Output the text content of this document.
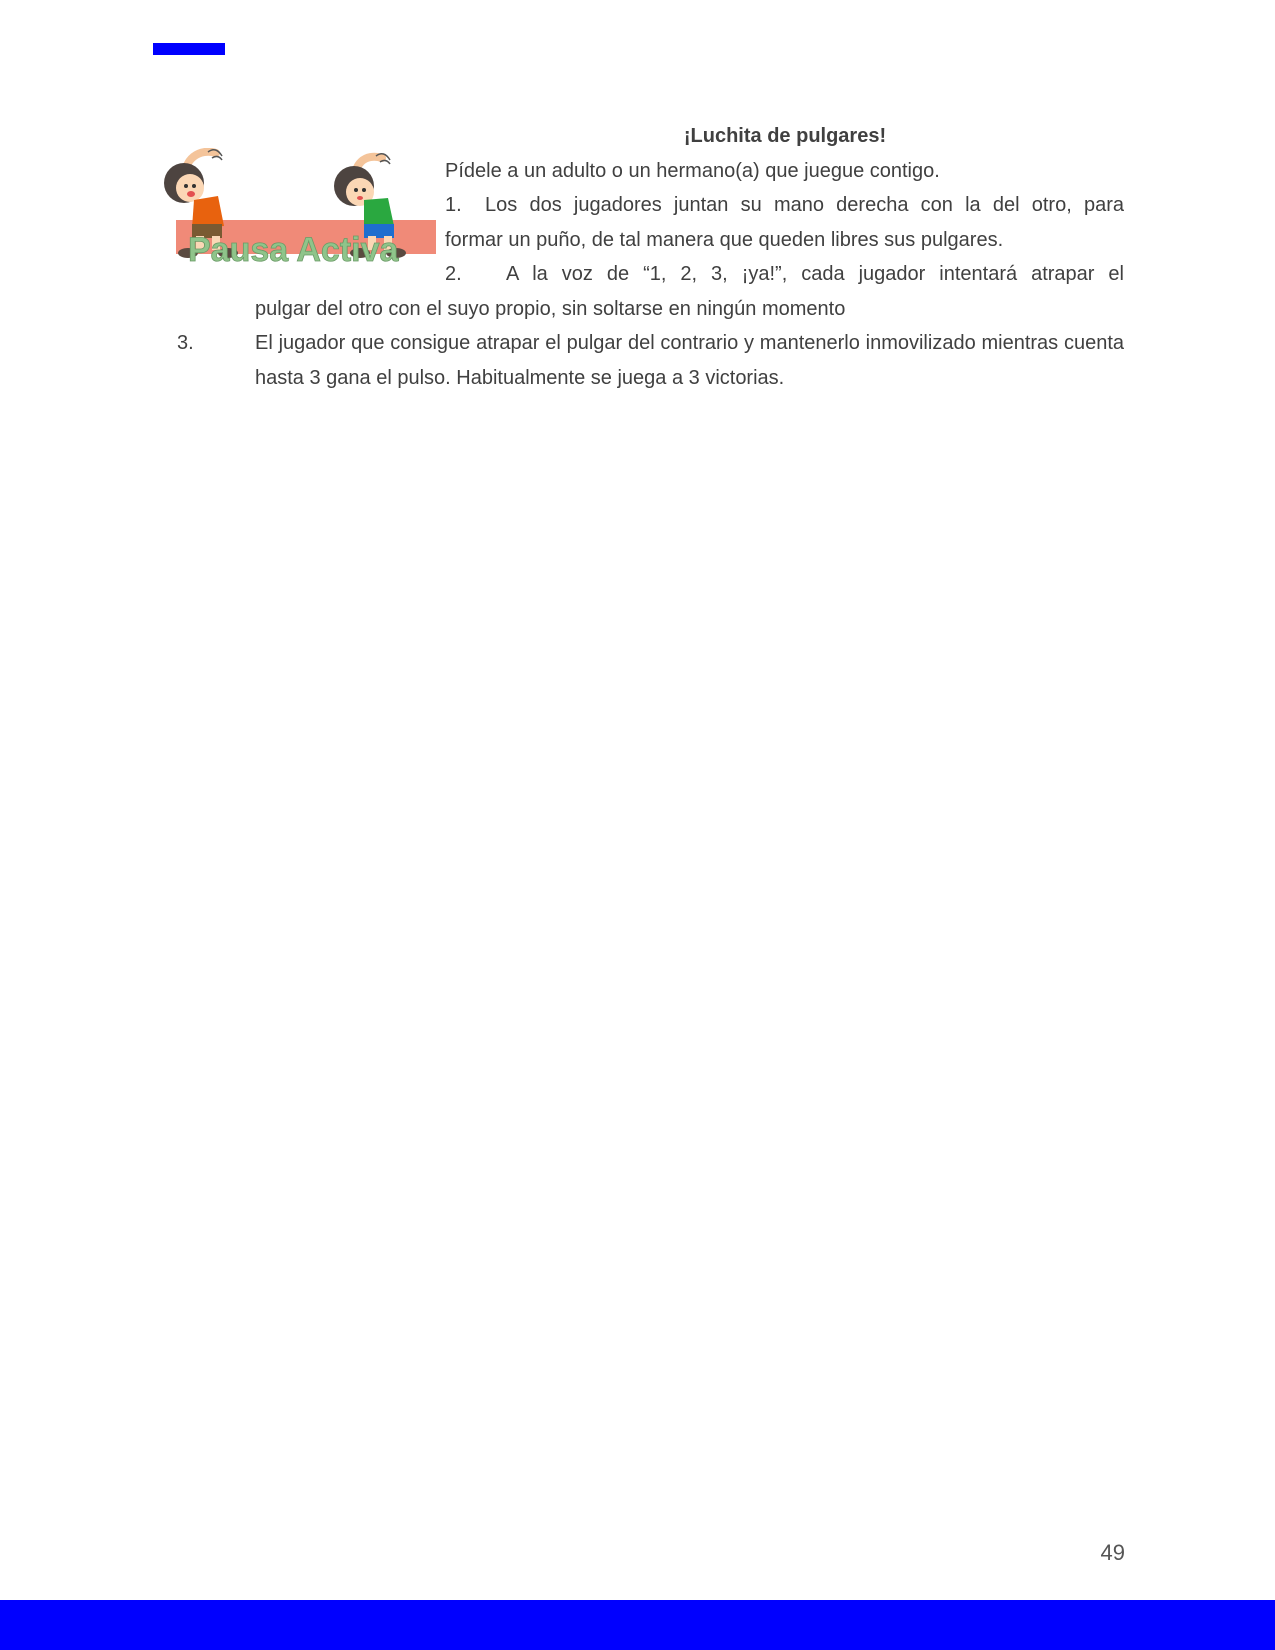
Pausa Activa

¡Luchita de pulgares!

Pídele a un adulto o un hermano(a) que juegue contigo.

1. Los dos jugadores juntan su mano derecha con la del otro, para

formar un puño, de tal manera que queden libres sus pulgares.

2. A la voz de “1, 2, 3, ¡ya!”, cada jugador intentará atrapar el

pulgar del otro con el suyo propio, sin soltarse en ningún momento

3.	El jugador que consigue atrapar el pulgar del contrario y mantenerlo inmovilizado mientras cuenta hasta 3 gana el pulso. Habitualmente se juega a 3 victorias.

49
